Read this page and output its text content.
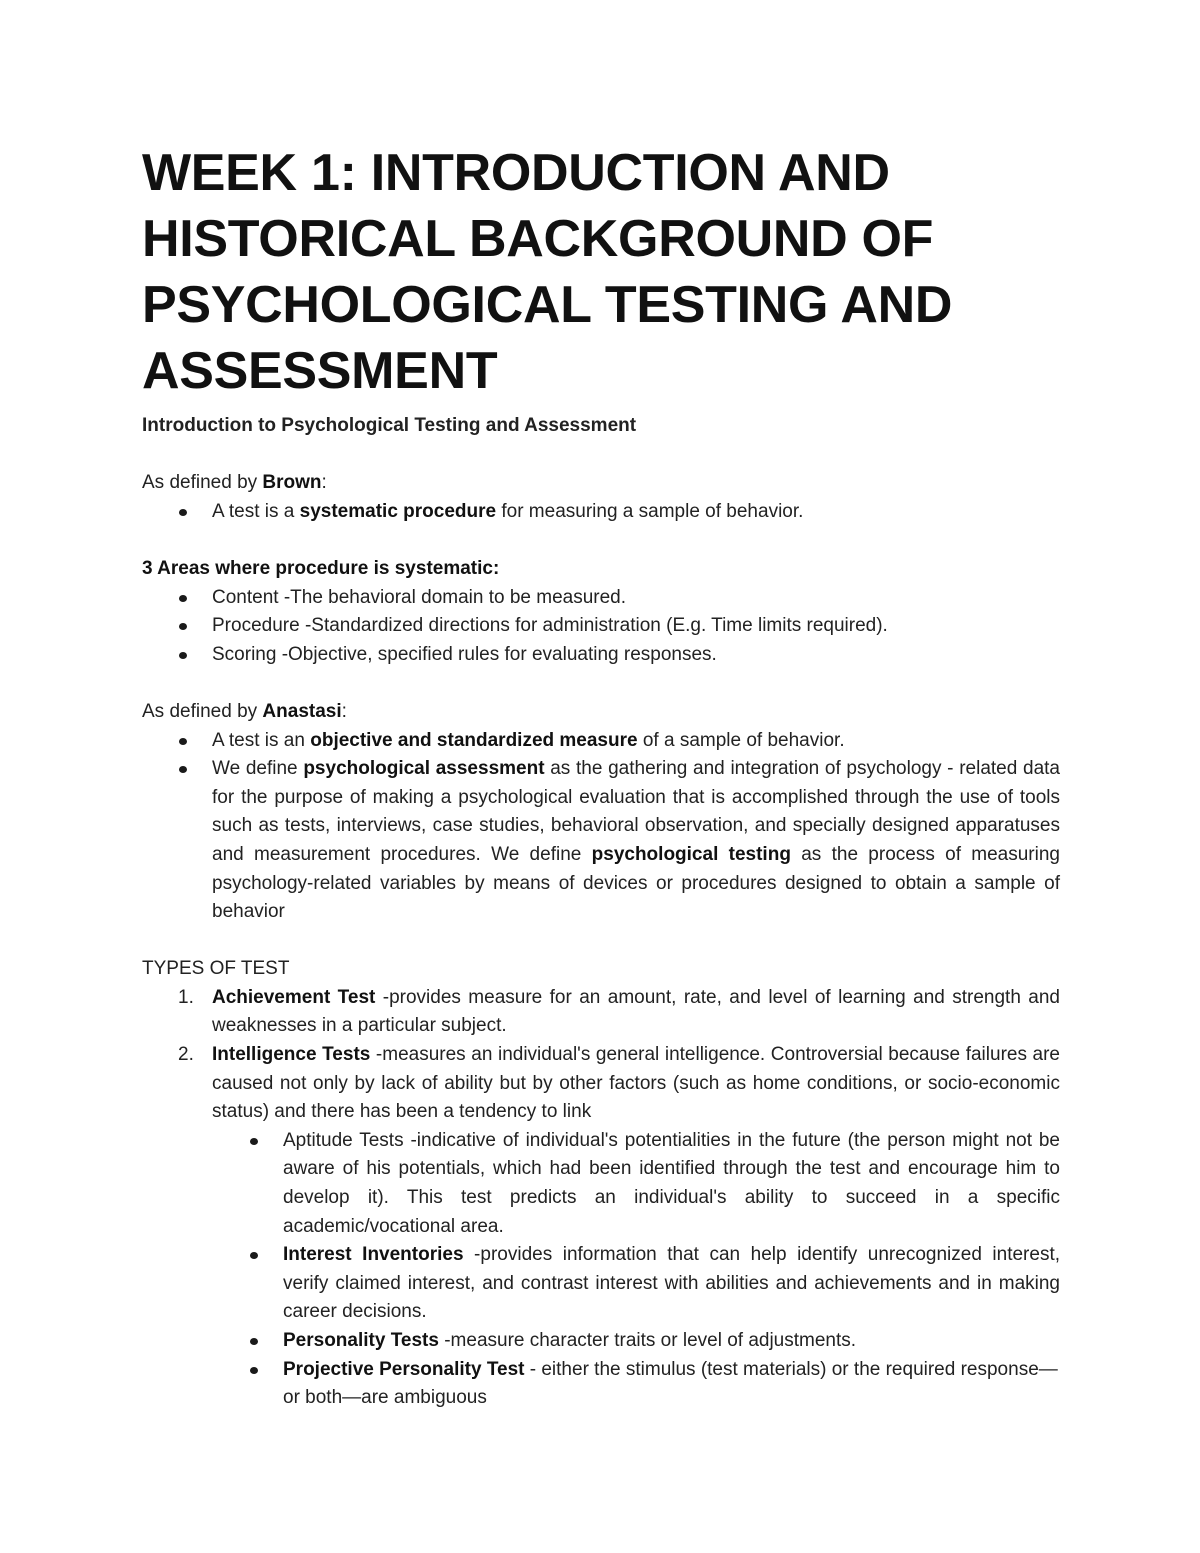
WEEK 1: INTRODUCTION AND HISTORICAL BACKGROUND OF PSYCHOLOGICAL TESTING AND ASSESSMENT

Introduction to Psychological Testing and Assessment

As defined by Brown:

A test is a systematic procedure for measuring a sample of behavior.

3 Areas where procedure is systematic:

Content -The behavioral domain to be measured.
Procedure -Standardized directions for administration (E.g. Time limits required).
Scoring -Objective, specified rules for evaluating responses.

As defined by Anastasi:

A test is an objective and standardized measure of a sample of behavior.
We define psychological assessment as the gathering and integration of psychology - related data for the purpose of making a psychological evaluation that is accomplished through the use of tools such as tests, interviews, case studies, behavioral observation, and specially designed apparatuses and measurement procedures. We define psychological testing as the process of measuring psychology-related variables by means of devices or procedures designed to obtain a sample of behavior

TYPES OF TEST

1. Achievement Test -provides measure for an amount, rate, and level of learning and strength and weaknesses in a particular subject.
2. Intelligence Tests -measures an individual's general intelligence. Controversial because failures are caused not only by lack of ability but by other factors (such as home conditions, or socio-economic status) and there has been a tendency to link
Aptitude Tests -indicative of individual's potentialities in the future (the person might not be aware of his potentials, which had been identified through the test and encourage him to develop it). This test predicts an individual's ability to succeed in a specific academic/vocational area.
Interest Inventories -provides information that can help identify unrecognized interest, verify claimed interest, and contrast interest with abilities and achievements and in making career decisions.
Personality Tests -measure character traits or level of adjustments.
Projective Personality Test - either the stimulus (test materials) or the required response—or both—are ambiguous
